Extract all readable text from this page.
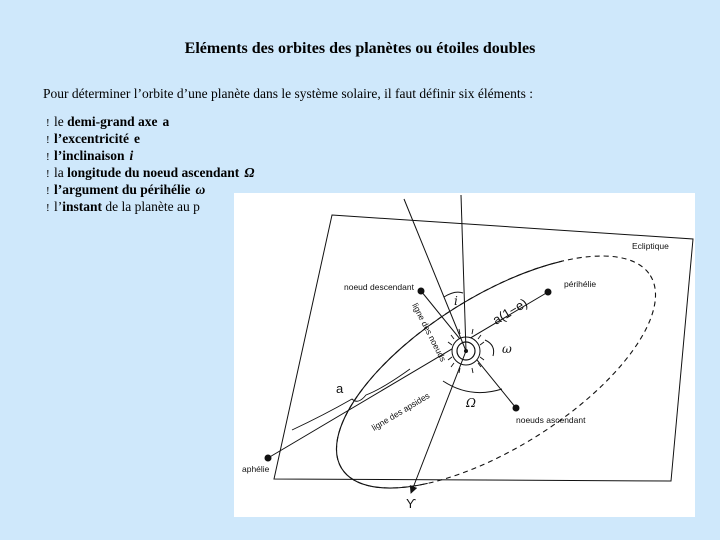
Eléments des orbites des planètes ou étoiles doubles
Pour déterminer l’orbite d’une planète dans le système solaire, il faut définir six éléments :
! le demi-grand axe a
! l’excentricité e
! l’inclinaison i
! la longitude du noeud ascendant Ω
! l’argument du périhélie ω
! l’instant de la planète au p
Ecliptique
i
ϒ
ω
Ω
noeud descendant	périhélie
noeuds ascendant
aphélie
ligne des noeuds
ligne des apsides
a(1−e)
a
